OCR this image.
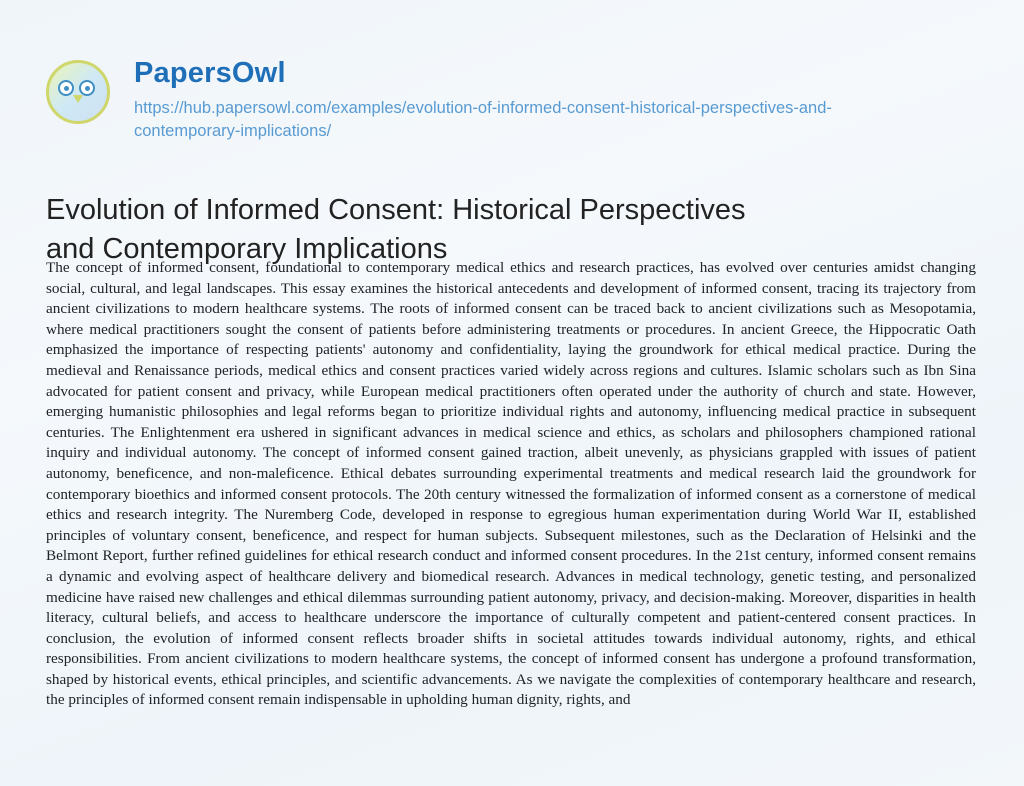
PapersOwl
https://hub.papersowl.com/examples/evolution-of-informed-consent-historical-perspectives-and-contemporary-implications/
Evolution of Informed Consent: Historical Perspectives and Contemporary Implications
The concept of informed consent, foundational to contemporary medical ethics and research practices, has evolved over centuries amidst changing social, cultural, and legal landscapes. This essay examines the historical antecedents and development of informed consent, tracing its trajectory from ancient civilizations to modern healthcare systems. The roots of informed consent can be traced back to ancient civilizations such as Mesopotamia, where medical practitioners sought the consent of patients before administering treatments or procedures. In ancient Greece, the Hippocratic Oath emphasized the importance of respecting patients' autonomy and confidentiality, laying the groundwork for ethical medical practice. During the medieval and Renaissance periods, medical ethics and consent practices varied widely across regions and cultures. Islamic scholars such as Ibn Sina advocated for patient consent and privacy, while European medical practitioners often operated under the authority of church and state. However, emerging humanistic philosophies and legal reforms began to prioritize individual rights and autonomy, influencing medical practice in subsequent centuries. The Enlightenment era ushered in significant advances in medical science and ethics, as scholars and philosophers championed rational inquiry and individual autonomy. The concept of informed consent gained traction, albeit unevenly, as physicians grappled with issues of patient autonomy, beneficence, and non-maleficence. Ethical debates surrounding experimental treatments and medical research laid the groundwork for contemporary bioethics and informed consent protocols. The 20th century witnessed the formalization of informed consent as a cornerstone of medical ethics and research integrity. The Nuremberg Code, developed in response to egregious human experimentation during World War II, established principles of voluntary consent, beneficence, and respect for human subjects. Subsequent milestones, such as the Declaration of Helsinki and the Belmont Report, further refined guidelines for ethical research conduct and informed consent procedures. In the 21st century, informed consent remains a dynamic and evolving aspect of healthcare delivery and biomedical research. Advances in medical technology, genetic testing, and personalized medicine have raised new challenges and ethical dilemmas surrounding patient autonomy, privacy, and decision-making. Moreover, disparities in health literacy, cultural beliefs, and access to healthcare underscore the importance of culturally competent and patient-centered consent practices. In conclusion, the evolution of informed consent reflects broader shifts in societal attitudes towards individual autonomy, rights, and ethical responsibilities. From ancient civilizations to modern healthcare systems, the concept of informed consent has undergone a profound transformation, shaped by historical events, ethical principles, and scientific advancements. As we navigate the complexities of contemporary healthcare and research, the principles of informed consent remain indispensable in upholding human dignity, rights, and
